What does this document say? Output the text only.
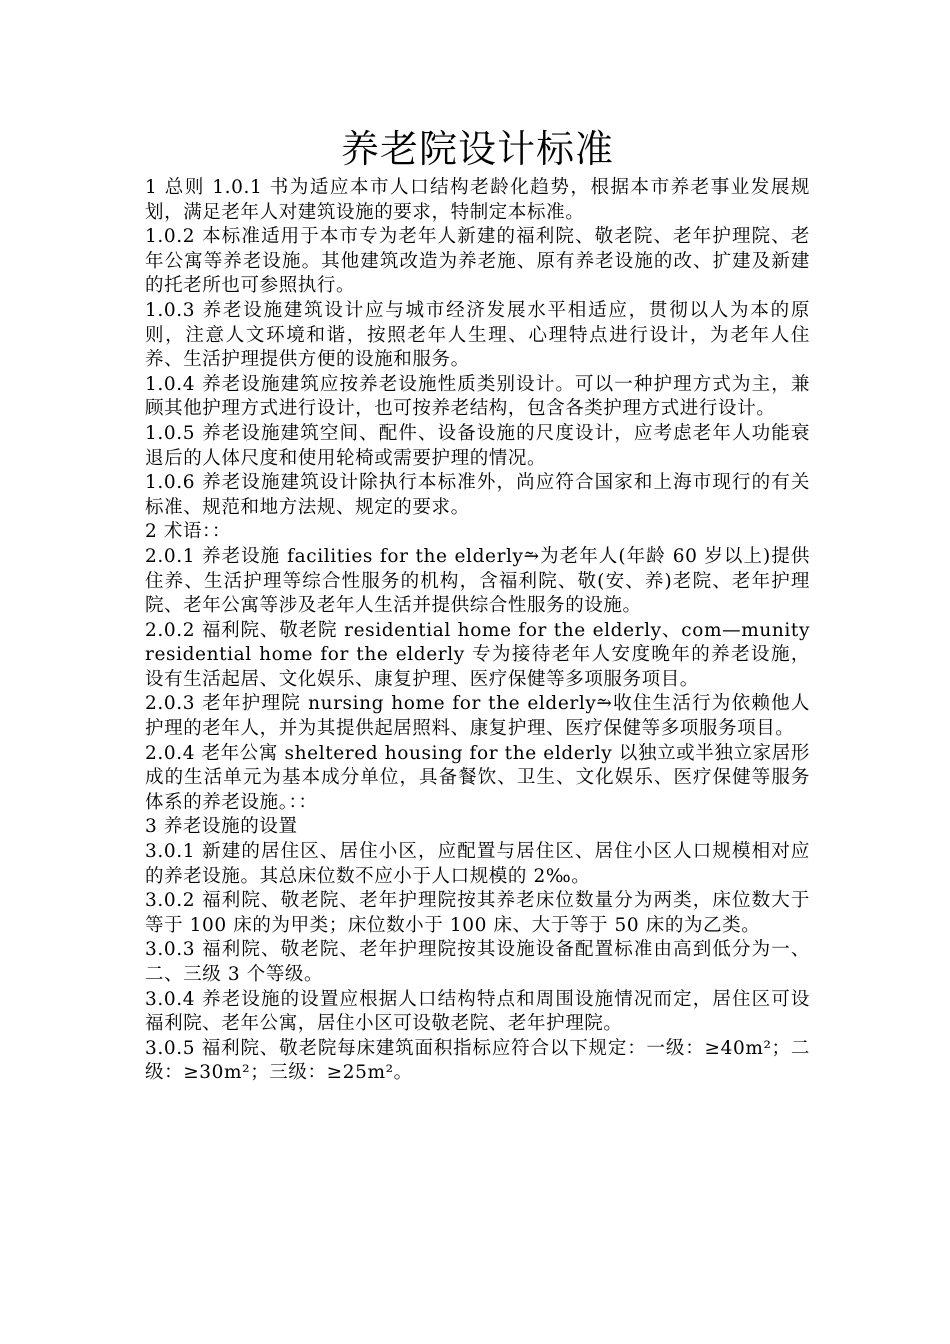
养老院设计标准

1 总则 1.0.1 书为适应本市人口结构老龄化趋势，根据本市养老事业发展规划，满足老年人对建筑设施的要求，特制定本标准。

1.0.2 本标准适用于本市专为老年人新建的福利院、敬老院、老年护理院、老年公寓等养老设施。其他建筑改造为养老施、原有养老设施的改、扩建及新建的托老所也可参照执行。

1.0.3 养老设施建筑设计应与城市经济发展水平相适应，贯彻以人为本的原则，注意人文环境和谐，按照老年人生理、心理特点进行设计，为老年人住养、生活护理提供方便的设施和服务。

1.0.4 养老设施建筑应按养老设施性质类别设计。可以一种护理方式为主，兼顾其他护理方式进行设计，也可按养老结构，包含各类护理方式进行设计。

1.0.5 养老设施建筑空间、配件、设备设施的尺度设计，应考虑老年人功能衰退后的人体尺度和使用轮椅或需要护理的情况。

1.0.6 养老设施建筑设计除执行本标准外，尚应符合国家和上海市现行的有关标准、规范和地方法规、规定的要求。

2 术语：：

2.0.1 养老设施 facilities for the elderly⥲为老年人(年龄 60 岁以上)提供住养、生活护理等综合性服务的机构，含福利院、敬(安、养)老院、老年护理院、老年公寓等涉及老年人生活并提供综合性服务的设施。

2.0.2 福利院、敬老院 residential home for the elderly、com—munity residential home for the elderly 专为接待老年人安度晚年的养老设施，设有生活起居、文化娱乐、康复护理、医疗保健等多项服务项目。

2.0.3 老年护理院 nursing home for the elderly⥲收住生活行为依赖他人护理的老年人，并为其提供起居照料、康复护理、医疗保健等多项服务项目。

2.0.4 老年公寓 sheltered housing for the elderly 以独立或半独立家居形成的生活单元为基本成分单位，具备餐饮、卫生、文化娱乐、医疗保健等服务体系的养老设施。：：

3 养老设施的设置

3.0.1 新建的居住区、居住小区，应配置与居住区、居住小区人口规模相对应的养老设施。其总床位数不应小于人口规模的 2‰。

3.0.2 福利院、敬老院、老年护理院按其养老床位数量分为两类，床位数大于等于 100 床的为甲类；床位数小于 100 床、大于等于 50 床的为乙类。

3.0.3 福利院、敬老院、老年护理院按其设施设备配置标准由高到低分为一、二、三级 3 个等级。

3.0.4 养老设施的设置应根据人口结构特点和周围设施情况而定，居住区可设福利院、老年公寓，居住小区可设敬老院、老年护理院。

3.0.5 福利院、敬老院每床建筑面积指标应符合以下规定：一级：≥40m²；二级：≥30m²；三级：≥25m²。
